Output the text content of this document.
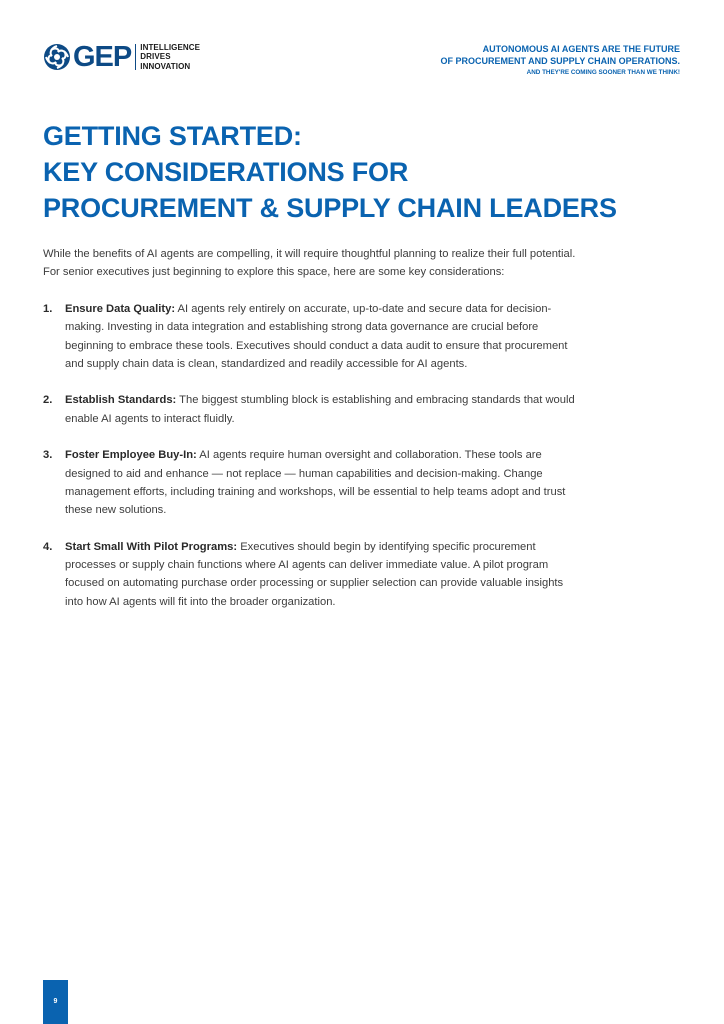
GEP INTELLIGENCE
DRIVES
INNOVATION
AUTONOMOUS AI AGENTS ARE THE FUTURE
OF PROCUREMENT AND SUPPLY CHAIN OPERATIONS.
AND THEY'RE COMING SOONER THAN WE THINK!
GETTING STARTED:
KEY CONSIDERATIONS FOR
PROCUREMENT & SUPPLY CHAIN LEADERS

While the benefits of AI agents are compelling, it will require thoughtful planning to realize their full potential.
For senior executives just beginning to explore this space, here are some key considerations:

1. Ensure Data Quality: AI agents rely entirely on accurate, up-to-date and secure data for decision-
making. Investing in data integration and establishing strong data governance are crucial before
beginning to embrace these tools. Executives should conduct a data audit to ensure that procurement
and supply chain data is clean, standardized and readily accessible for AI agents.
2. Establish Standards: The biggest stumbling block is establishing and embracing standards that would
enable AI agents to interact fluidly.
3. Foster Employee Buy-In: AI agents require human oversight and collaboration. These tools are
designed to aid and enhance — not replace — human capabilities and decision-making. Change
management efforts, including training and workshops, will be essential to help teams adopt and trust
these new solutions.
4. Start Small With Pilot Programs: Executives should begin by identifying specific procurement
processes or supply chain functions where AI agents can deliver immediate value. A pilot program
focused on automating purchase order processing or supplier selection can provide valuable insights
into how AI agents will fit into the broader organization.
9
